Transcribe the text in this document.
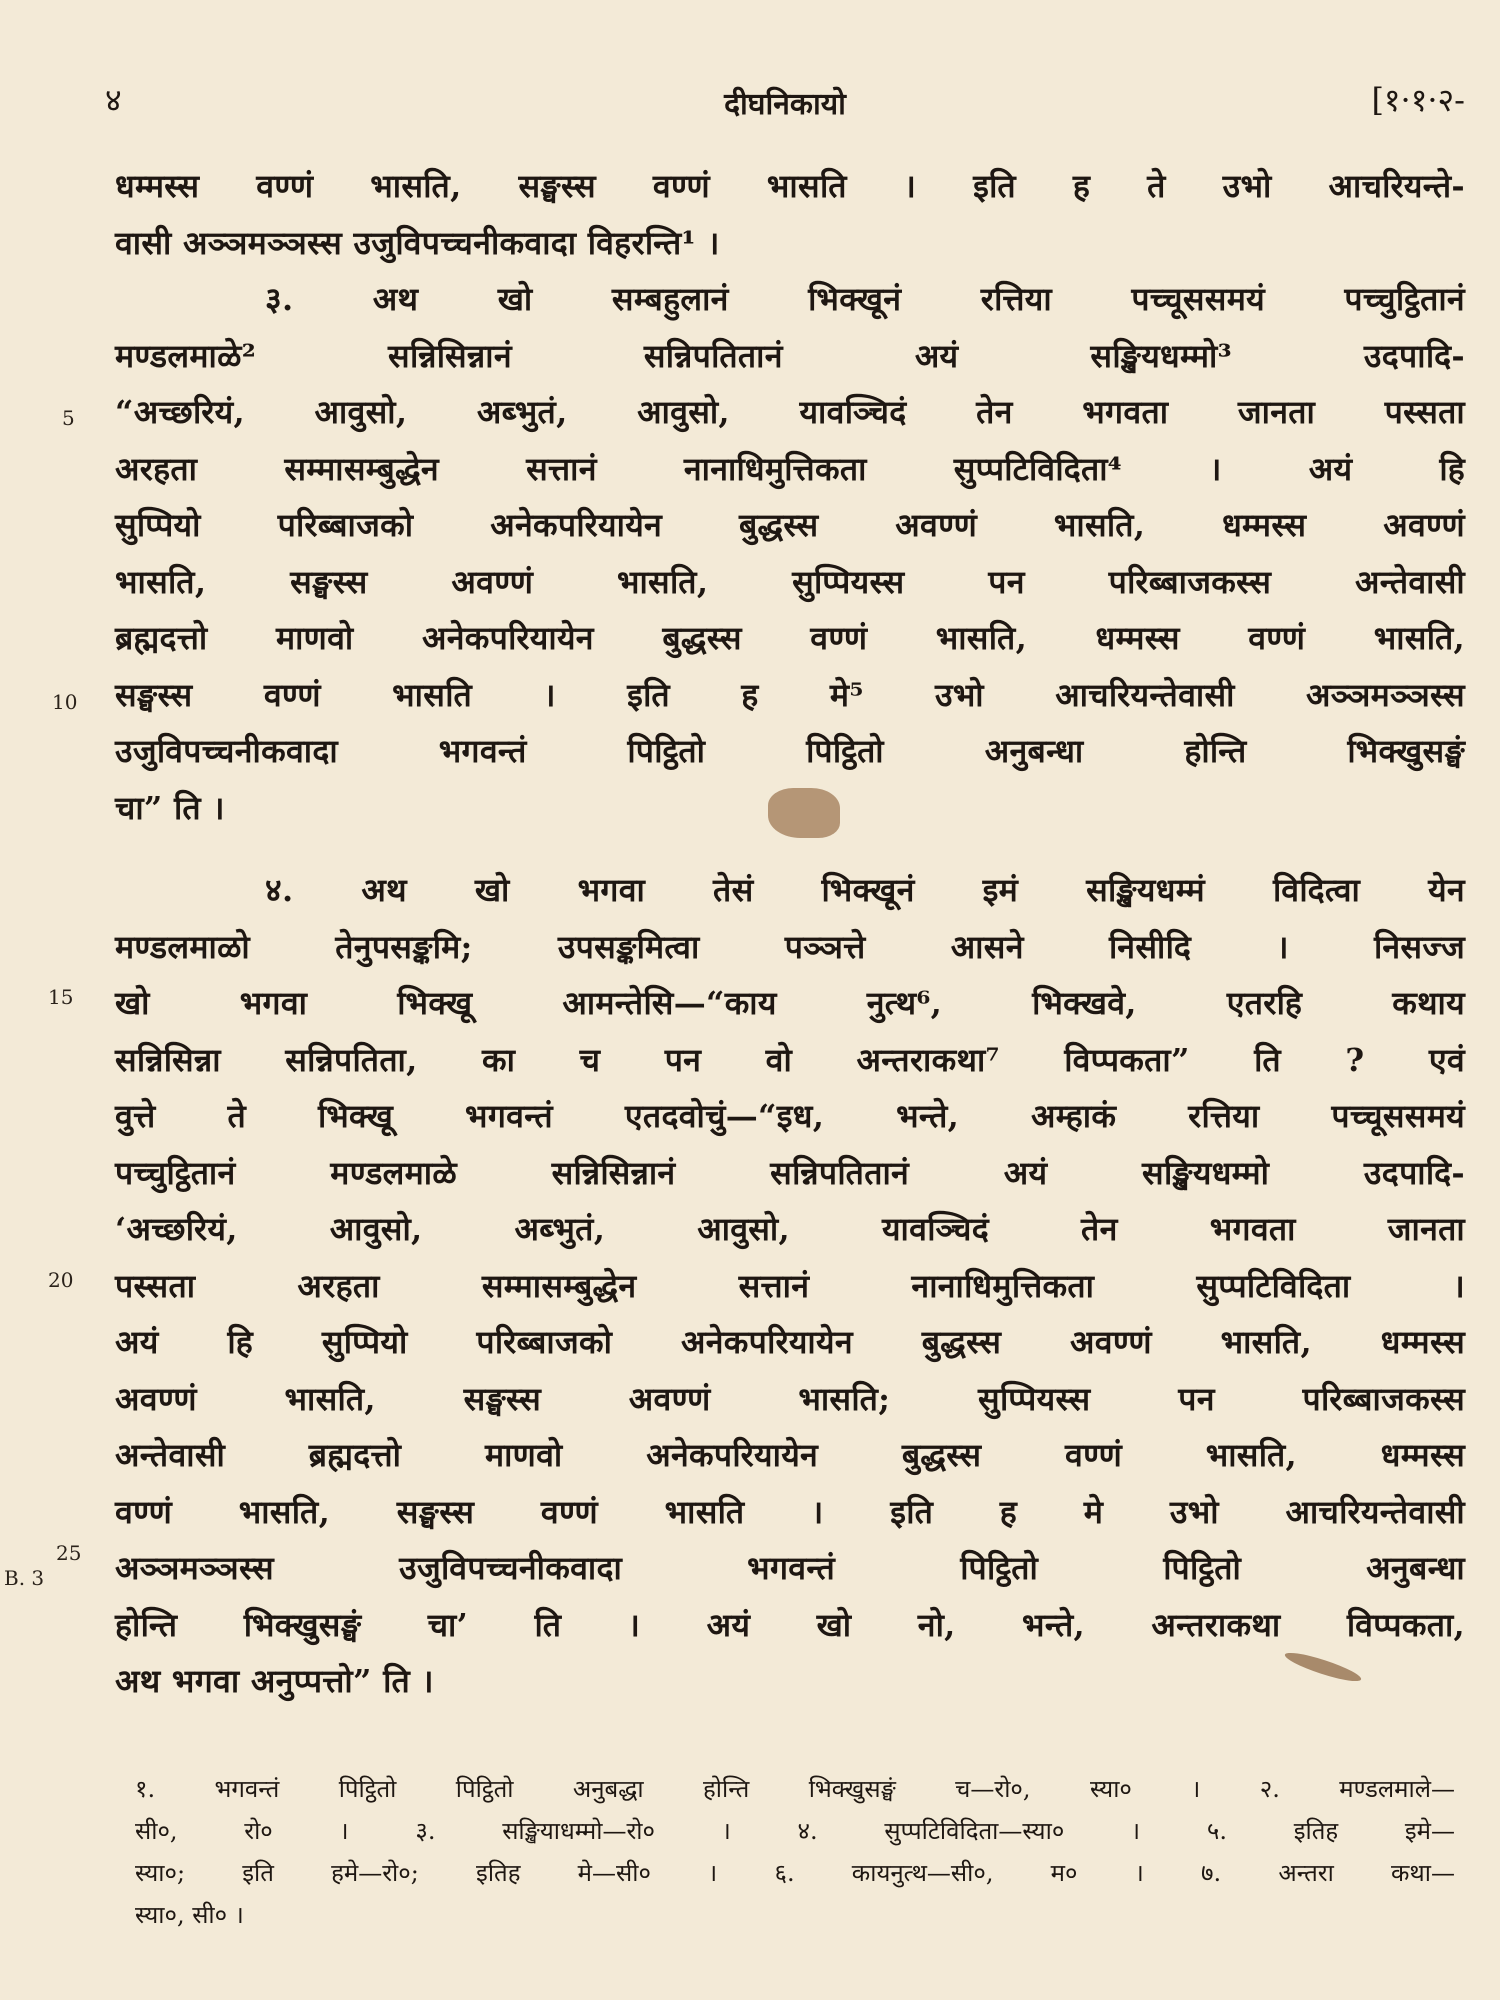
४	दीघनिकायो	[१·१·२-
5
10
15
20
25
B. 3
धम्मस्स वण्णं भासति, सङ्घस्स वण्णं भासति । इति ह ते उभो आचरियन्ते-
वासी अञ्ञमञ्ञस्स उजुविपच्चनीकवादा विहरन्ति¹ ।
३. अथ खो सम्बहुलानं भिक्खूनं रत्तिया पच्चूससमयं पच्चुट्ठितानं
मण्डलमाळे² सन्निसिन्नानं सन्निपतितानं अयं सङ्खियधम्मो³ उदपादि-
“अच्छरियं, आवुसो, अब्भुतं, आवुसो, यावञ्चिदं तेन भगवता जानता पस्सता
अरहता सम्मासम्बुद्धेन सत्तानं नानाधिमुत्तिकता सुप्पटिविदिता⁴ । अयं हि
सुप्पियो परिब्बाजको अनेकपरियायेन बुद्धस्स अवण्णं भासति, धम्मस्स अवण्णं
भासति, सङ्घस्स अवण्णं भासति, सुप्पियस्स पन परिब्बाजकस्स अन्तेवासी
ब्रह्मदत्तो माणवो अनेकपरियायेन बुद्धस्स वण्णं भासति, धम्मस्स वण्णं भासति,
सङ्घस्स वण्णं भासति । इति ह मे⁵ उभो आचरियन्तेवासी अञ्ञमञ्ञस्स
उजुविपच्चनीकवादा भगवन्तं पिट्ठितो पिट्ठितो अनुबन्धा होन्ति भिक्खुसङ्घं
चा” ति ।
४. अथ खो भगवा तेसं भिक्खूनं इमं सङ्खियधम्मं विदित्वा येन
मण्डलमाळो तेनुपसङ्कमि; उपसङ्कमित्वा पञ्ञत्ते आसने निसीदि । निसज्ज
खो भगवा भिक्खू आमन्तेसि—“काय नुत्थ⁶, भिक्खवे, एतरहि कथाय
सन्निसिन्ना सन्निपतिता, का च पन वो अन्तराकथा⁷ विप्पकता” ति ? एवं
वुत्ते ते भिक्खू भगवन्तं एतदवोचुं—“इध, भन्ते, अम्हाकं रत्तिया पच्चूससमयं
पच्चुट्ठितानं मण्डलमाळे सन्निसिन्नानं सन्निपतितानं अयं सङ्खियधम्मो उदपादि-
‘अच्छरियं, आवुसो, अब्भुतं, आवुसो, यावञ्चिदं तेन भगवता जानता
पस्सता अरहता सम्मासम्बुद्धेन सत्तानं नानाधिमुत्तिकता सुप्पटिविदिता ।
अयं हि सुप्पियो परिब्बाजको अनेकपरियायेन बुद्धस्स अवण्णं भासति, धम्मस्स
अवण्णं भासति, सङ्घस्स अवण्णं भासति; सुप्पियस्स पन परिब्बाजकस्स
अन्तेवासी ब्रह्मदत्तो माणवो अनेकपरियायेन बुद्धस्स वण्णं भासति, धम्मस्स
वण्णं भासति, सङ्घस्स वण्णं भासति । इति ह मे उभो आचरियन्तेवासी
अञ्ञमञ्ञस्स उजुविपच्चनीकवादा भगवन्तं पिट्ठितो पिट्ठितो अनुबन्धा
होन्ति भिक्खुसङ्घं चा’ ति । अयं खो नो, भन्ते, अन्तराकथा विप्पकता,
अथ भगवा अनुप्पत्तो” ति ।
१. भगवन्तं पिट्ठितो पिट्ठितो अनुबद्धा होन्ति भिक्खुसङ्घं च—रो०, स्या० । २. मण्डलमाले—
सी०, रो० । ३. सङ्खियाधम्मो—रो० । ४. सुप्पटिविदिता—स्या० । ५. इतिह इमे—
स्या०; इति हमे—रो०; इतिह मे—सी० । ६. कायनुत्थ—सी०, म० । ७. अन्तरा कथा—
स्या०, सी० ।
